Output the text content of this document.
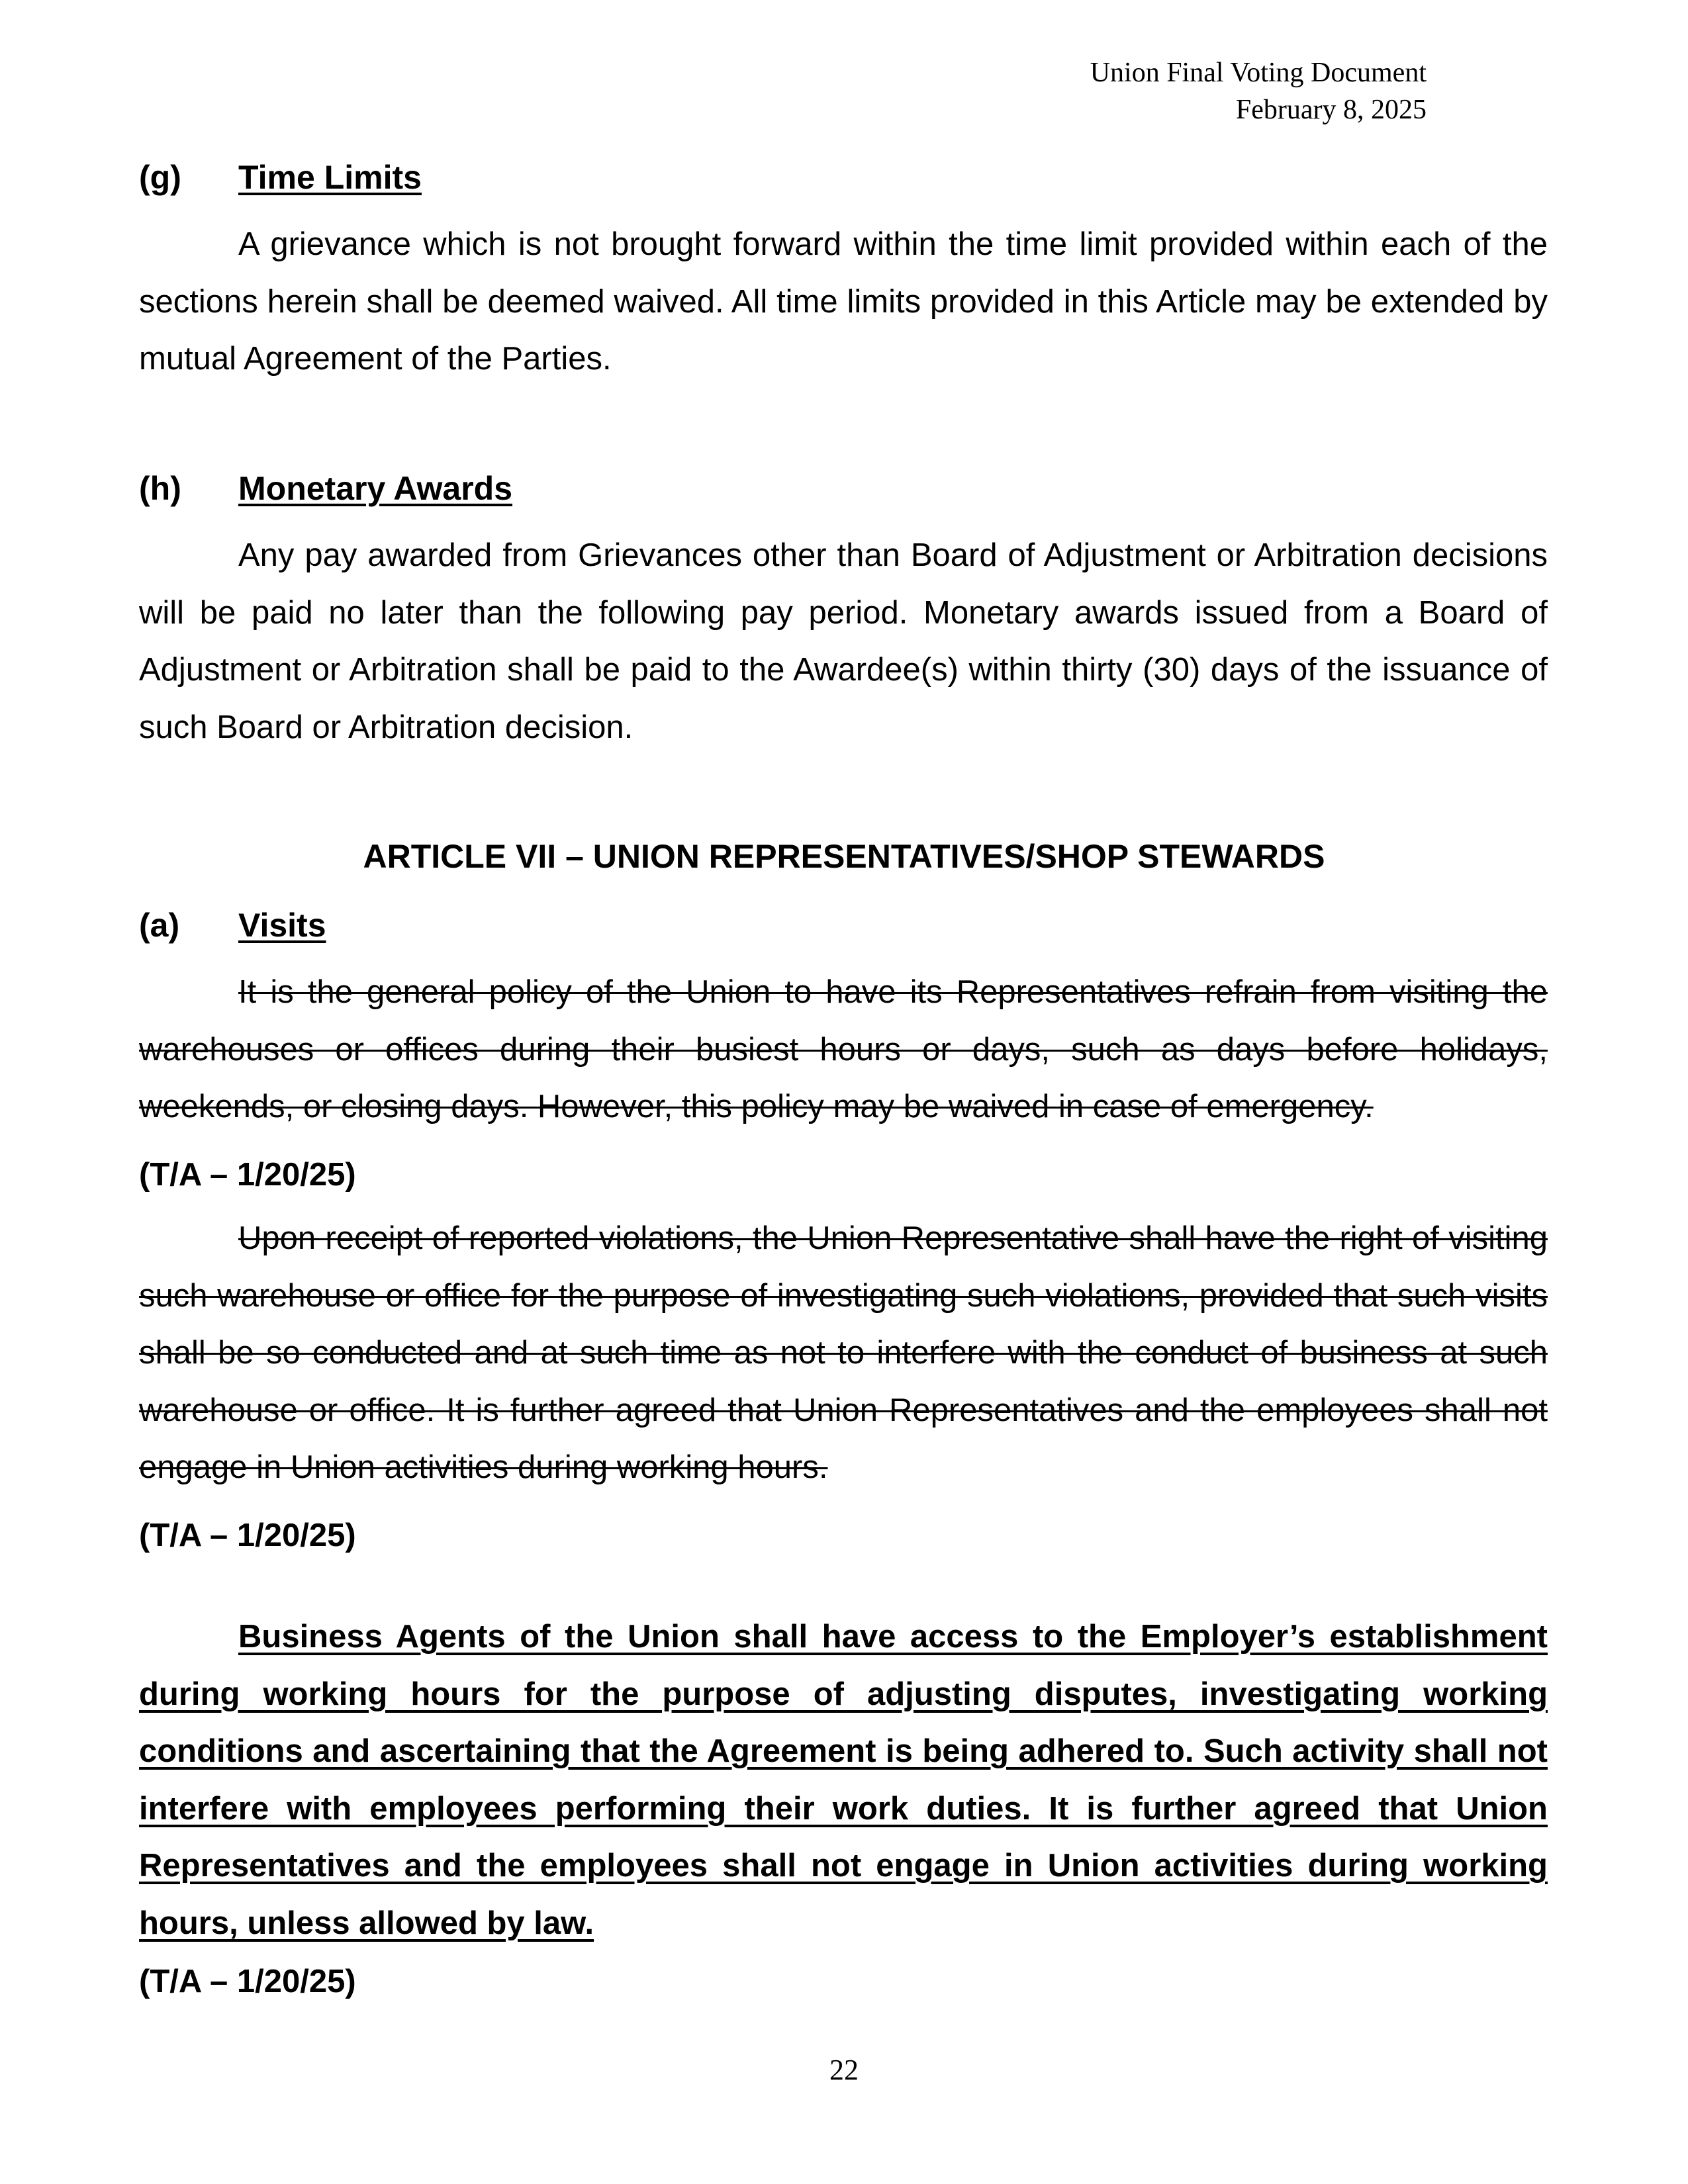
Union Final Voting Document
February 8, 2025
(g) Time Limits

A grievance which is not brought forward within the time limit provided within each of the sections herein shall be deemed waived. All time limits provided in this Article may be extended by mutual Agreement of the Parties.

(h) Monetary Awards

Any pay awarded from Grievances other than Board of Adjustment or Arbitration decisions will be paid no later than the following pay period. Monetary awards issued from a Board of Adjustment or Arbitration shall be paid to the Awardee(s) within thirty (30) days of the issuance of such Board or Arbitration decision.

ARTICLE VII – UNION REPRESENTATIVES/SHOP STEWARDS
(a) Visits

It is the general policy of the Union to have its Representatives refrain from visiting the warehouses or offices during their busiest hours or days, such as days before holidays, weekends, or closing days. However, this policy may be waived in case of emergency.

(T/A – 1/20/25)

Upon receipt of reported violations, the Union Representative shall have the right of visiting such warehouse or office for the purpose of investigating such violations, provided that such visits shall be so conducted and at such time as not to interfere with the conduct of business at such warehouse or office. It is further agreed that Union Representatives and the employees shall not engage in Union activities during working hours.

(T/A – 1/20/25)

Business Agents of the Union shall have access to the Employer’s establishment during working hours for the purpose of adjusting disputes, investigating working conditions and ascertaining that the Agreement is being adhered to. Such activity shall not interfere with employees performing their work duties. It is further agreed that Union Representatives and the employees shall not engage in Union activities during working hours, unless allowed by law.

(T/A – 1/20/25)
22
